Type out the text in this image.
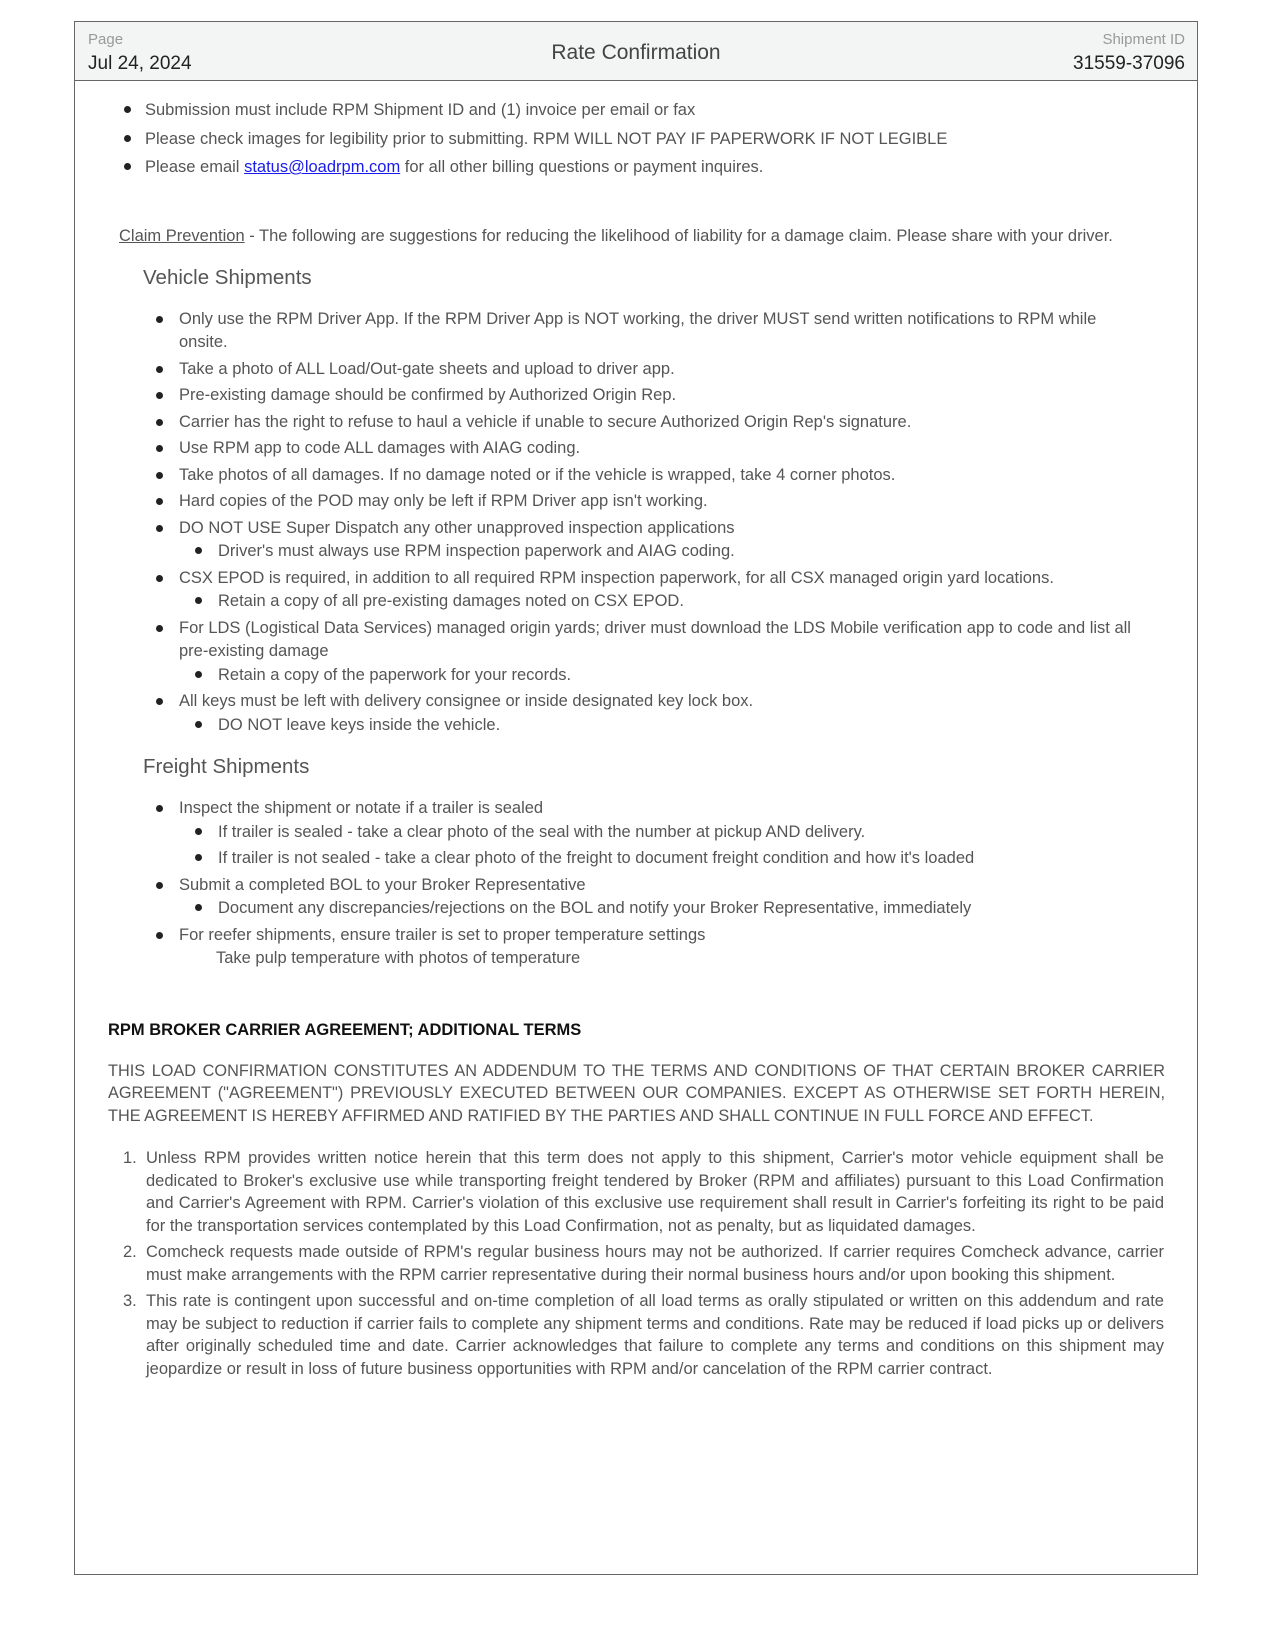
Page
Jul 24, 2024	Rate Confirmation
Shipment ID
31559-37096
Submission must include RPM Shipment ID and (1) invoice per email or fax
Please check images for legibility prior to submitting. RPM WILL NOT PAY IF PAPERWORK IF NOT LEGIBLE
Please email status@loadrpm.com for all other billing questions or payment inquires.
Claim Prevention - The following are suggestions for reducing the likelihood of liability for a damage claim. Please share with your driver.
Vehicle Shipments
Only use the RPM Driver App. If the RPM Driver App is NOT working, the driver MUST send written notifications to RPM while onsite.
Take a photo of ALL Load/Out-gate sheets and upload to driver app.
Pre-existing damage should be confirmed by Authorized Origin Rep.
Carrier has the right to refuse to haul a vehicle if unable to secure Authorized Origin Rep's signature.
Use RPM app to code ALL damages with AIAG coding.
Take photos of all damages. If no damage noted or if the vehicle is wrapped, take 4 corner photos.
Hard copies of the POD may only be left if RPM Driver app isn't working.
DO NOT USE Super Dispatch any other unapproved inspection applications
Driver's must always use RPM inspection paperwork and AIAG coding.
CSX EPOD is required, in addition to all required RPM inspection paperwork, for all CSX managed origin yard locations.
Retain a copy of all pre-existing damages noted on CSX EPOD.
For LDS (Logistical Data Services) managed origin yards; driver must download the LDS Mobile verification app to code and list all pre-existing damage
Retain a copy of the paperwork for your records.
All keys must be left with delivery consignee or inside designated key lock box.
DO NOT leave keys inside the vehicle.
Freight Shipments
Inspect the shipment or notate if a trailer is sealed
If trailer is sealed - take a clear photo of the seal with the number at pickup AND delivery.
If trailer is not sealed - take a clear photo of the freight to document freight condition and how it's loaded
Submit a completed BOL to your Broker Representative
Document any discrepancies/rejections on the BOL and notify your Broker Representative, immediately
For reefer shipments, ensure trailer is set to proper temperature settings
Take pulp temperature with photos of temperature
RPM BROKER CARRIER AGREEMENT; ADDITIONAL TERMS
THIS LOAD CONFIRMATION CONSTITUTES AN ADDENDUM TO THE TERMS AND CONDITIONS OF THAT CERTAIN BROKER CARRIER AGREEMENT ("AGREEMENT") PREVIOUSLY EXECUTED BETWEEN OUR COMPANIES. EXCEPT AS OTHERWISE SET FORTH HEREIN, THE AGREEMENT IS HEREBY AFFIRMED AND RATIFIED BY THE PARTIES AND SHALL CONTINUE IN FULL FORCE AND EFFECT.
1. Unless RPM provides written notice herein that this term does not apply to this shipment, Carrier's motor vehicle equipment shall be dedicated to Broker's exclusive use while transporting freight tendered by Broker (RPM and affiliates) pursuant to this Load Confirmation and Carrier's Agreement with RPM. Carrier's violation of this exclusive use requirement shall result in Carrier's forfeiting its right to be paid for the transportation services contemplated by this Load Confirmation, not as penalty, but as liquidated damages.
2. Comcheck requests made outside of RPM's regular business hours may not be authorized. If carrier requires Comcheck advance, carrier must make arrangements with the RPM carrier representative during their normal business hours and/or upon booking this shipment.
3. This rate is contingent upon successful and on-time completion of all load terms as orally stipulated or written on this addendum and rate may be subject to reduction if carrier fails to complete any shipment terms and conditions. Rate may be reduced if load picks up or delivers after originally scheduled time and date. Carrier acknowledges that failure to complete any terms and conditions on this shipment may jeopardize or result in loss of future business opportunities with RPM and/or cancelation of the RPM carrier contract.
